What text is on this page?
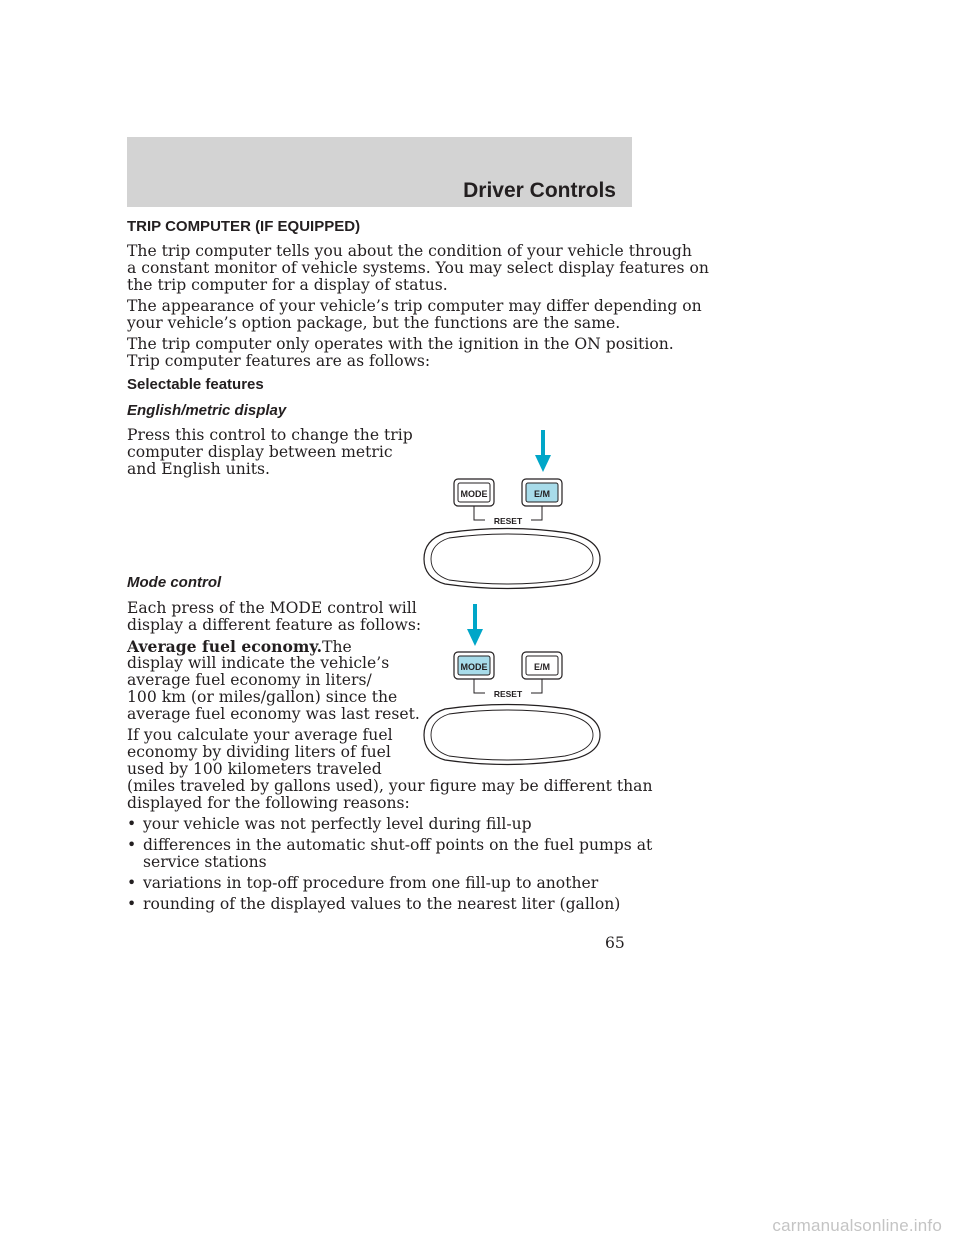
Driver Controls
TRIP COMPUTER (IF EQUIPPED)
The trip computer tells you about the condition of your vehicle through
a constant monitor of vehicle systems. You may select display features on
the trip computer for a display of status.
The appearance of your vehicle’s trip computer may differ depending on
your vehicle’s option package, but the functions are the same.
The trip computer only operates with the ignition in the ON position.
Trip computer features are as follows:
Selectable features
English/metric display
Press this control to change the trip
computer display between metric
and English units.
Mode control
Each press of the MODE control will
display a different feature as follows:
Average fuel economy.The
display will indicate the vehicle’s
average fuel economy in liters/
100 km (or miles/gallon) since the
average fuel economy was last reset.
If you calculate your average fuel
economy by dividing liters of fuel
used by 100 kilometers traveled
(miles traveled by gallons used), your figure may be different than
displayed for the following reasons:
• your vehicle was not perfectly level during fill-up
• differences in the automatic shut-off points on the fuel pumps at
service stations
• variations in top-off procedure from one fill-up to another
• rounding of the displayed values to the nearest liter (gallon)
65
MODE	E/M
RESET
MODE	E/M
RESET
carmanualsonline.info
